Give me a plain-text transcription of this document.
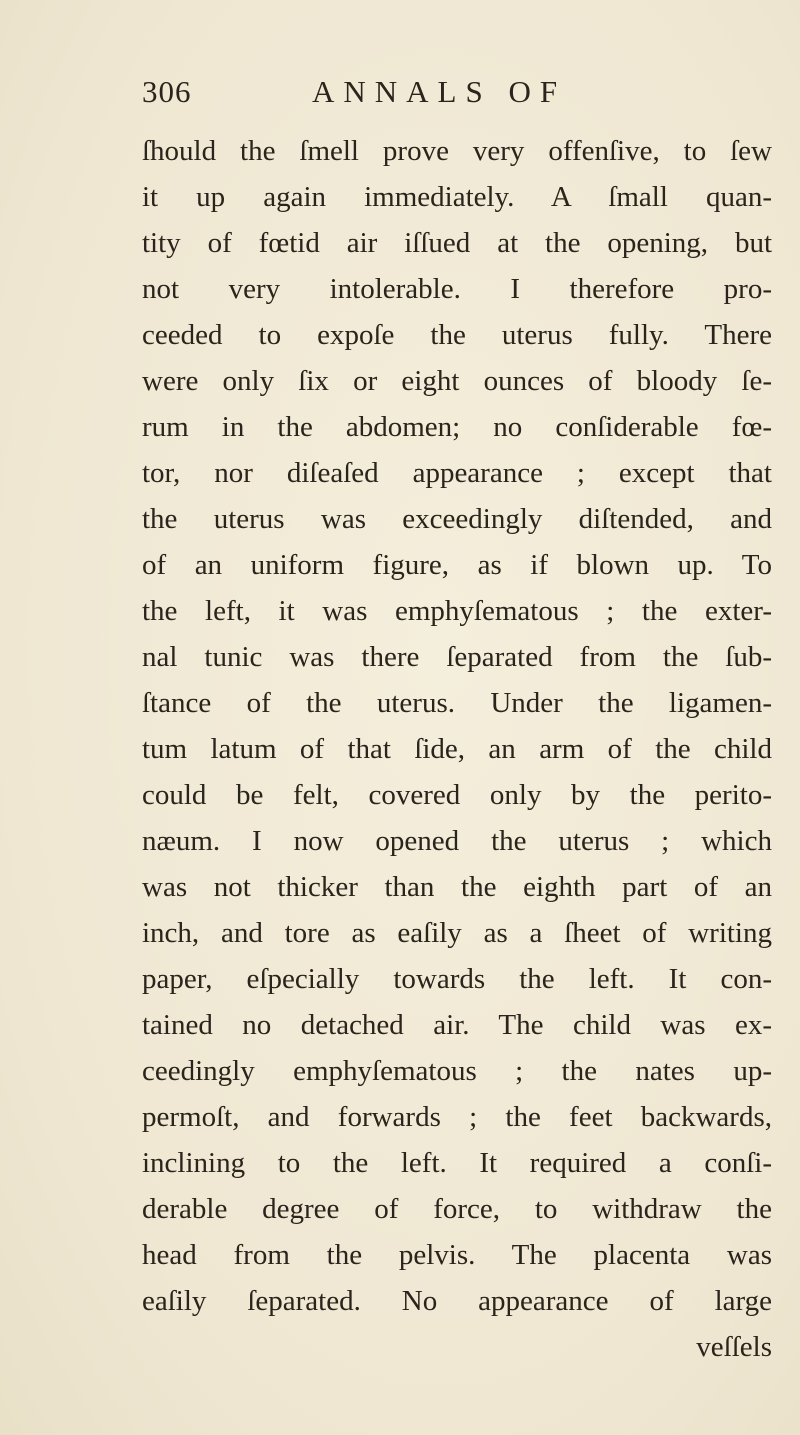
306	ANNALS OF
ſhould the ſmell prove very offenſive, to ſew
it up again immediately. A ſmall quan-
tity of fœtid air iſſued at the opening, but
not very intolerable. I therefore pro-
ceeded to expoſe the uterus fully. There
were only ſix or eight ounces of bloody ſe-
rum in the abdomen; no conſiderable fœ-
tor, nor diſeaſed appearance ; except that
the uterus was exceedingly diſtended, and
of an uniform figure, as if blown up. To
the left, it was emphyſematous ; the exter-
nal tunic was there ſeparated from the ſub-
ſtance of the uterus. Under the ligamen-
tum latum of that ſide, an arm of the child
could be felt, covered only by the perito-
næum. I now opened the uterus ; which
was not thicker than the eighth part of an
inch, and tore as eaſily as a ſheet of writing
paper, eſpecially towards the left. It con-
tained no detached air. The child was ex-
ceedingly emphyſematous ; the nates up-
permoſt, and forwards ; the feet backwards,
inclining to the left. It required a conſi-
derable degree of force, to withdraw the
head from the pelvis. The placenta was
eaſily ſeparated. No appearance of large
veſſels
